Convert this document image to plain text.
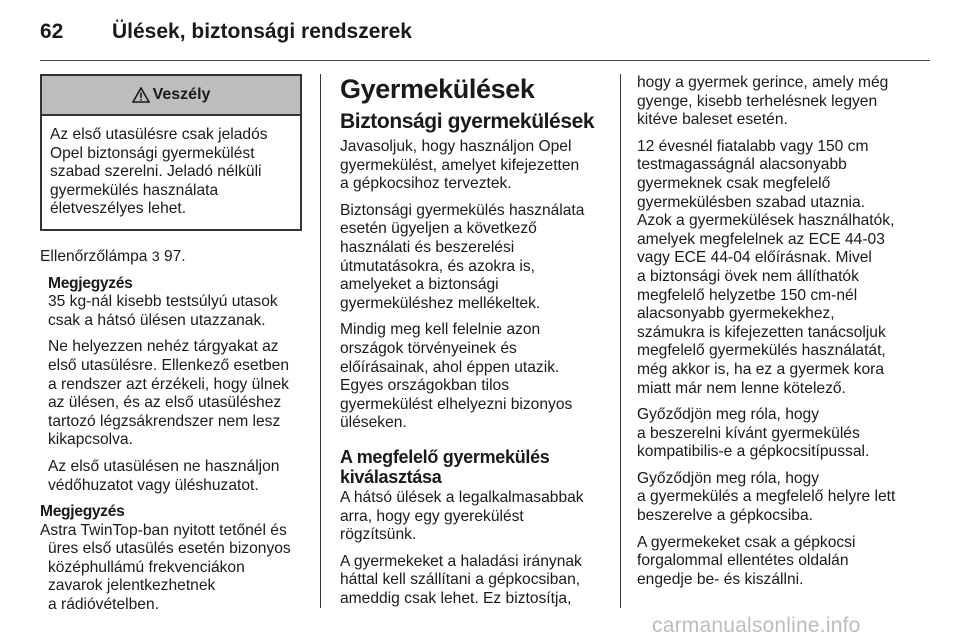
62 Ülések, biztonsági rendszerek
Veszély
Az első utasülésre csak jeladós
Opel biztonsági gyermekülést
szabad szerelni. Jeladó nélküli
gyermekülés használata
életveszélyes lehet.

Ellenőrzőlámpa 3 97.

Megjegyzés

35 kg-nál kisebb testsúlyú utasok
csak a hátsó ülésen utazzanak.

Ne helyezzen nehéz tárgyakat az
első utasülésre. Ellenkező esetben
a rendszer azt érzékeli, hogy ülnek
az ülésen, és az első utasüléshez
tartozó légzsákrendszer nem lesz
kikapcsolva.

Az első utasülésen ne használjon
védőhuzatot vagy üléshuzatot.

Megjegyzés
Astra TwinTop-ban nyitott tetőnél és
üres első utasülés esetén bizonyos
középhullámú frekvenciákon
zavarok jelentkezhetnek
a rádióvételben.
Gyermekülések
Biztonsági gyermekülések

Javasoljuk, hogy használjon Opel
gyermekülést, amelyet kifejezetten
a gépkocsihoz terveztek.

Biztonsági gyermekülés használata
esetén ügyeljen a következő
használati és beszerelési
útmutatásokra, és azokra is,
amelyeket a biztonsági
gyermeküléshez mellékeltek.

Mindig meg kell felelnie azon
országok törvényeinek és
előírásainak, ahol éppen utazik.
Egyes országokban tilos
gyermekülést elhelyezni bizonyos
üléseken.

A megfelelő gyermekülés
kiválasztása

A hátsó ülések a legalkalmasabbak
arra, hogy egy gyerekülést
rögzítsünk.

A gyermekeket a haladási iránynak
háttal kell szállítani a gépkocsiban,
ameddig csak lehet. Ez biztosítja,

hogy a gyermek gerince, amely még
gyenge, kisebb terhelésnek legyen
kitéve baleset esetén.

12 évesnél fiatalabb vagy 150 cm
testmagasságnál alacsonyabb
gyermeknek csak megfelelő
gyermekülésben szabad utaznia.
Azok a gyermekülések használhatók,
amelyek megfelelnek az ECE 44-03
vagy ECE 44-04 előírásnak. Mivel
a biztonsági övek nem állíthatók
megfelelő helyzetbe 150 cm-nél
alacsonyabb gyermekekhez,
számukra is kifejezetten tanácsoljuk
megfelelő gyermekülés használatát,
még akkor is, ha ez a gyermek kora
miatt már nem lenne kötelező.

Győződjön meg róla, hogy
a beszerelni kívánt gyermekülés
kompatibilis-e a gépkocsitípussal.

Győződjön meg róla, hogy
a gyermekülés a megfelelő helyre lett
beszerelve a gépkocsiba.

A gyermekeket csak a gépkocsi
forgalommal ellentétes oldalán
engedje be- és kiszállni.

carmanualsonline.info
